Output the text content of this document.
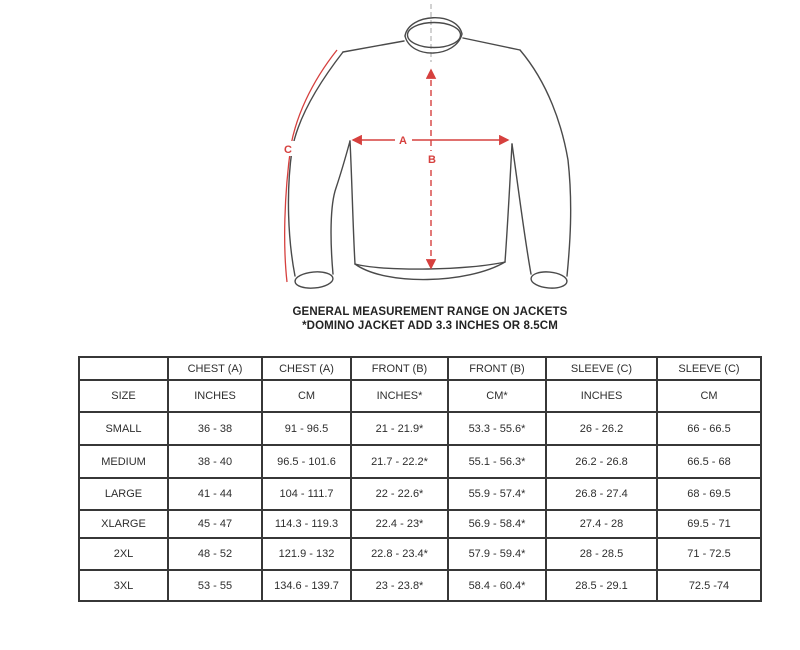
A
B
C
GENERAL MEASUREMENT RANGE ON JACKETS
*DOMINO JACKET ADD 3.3 INCHES OR 8.5CM
	CHEST (A)	CHEST (A)	FRONT (B)	FRONT (B)	SLEEVE (C)	SLEEVE (C)
SIZE	INCHES	CM	INCHES*	CM*	INCHES	CM
SMALL	36 - 38	91 - 96.5	21 - 21.9*	53.3 - 55.6*	26 - 26.2	66 - 66.5
MEDIUM	38 - 40	96.5 - 101.6	21.7 - 22.2*	55.1 - 56.3*	26.2 - 26.8	66.5 - 68
LARGE	41 - 44	104 - 111.7	22 - 22.6*	55.9 - 57.4*	26.8 - 27.4	68 - 69.5
XLARGE	45 - 47	114.3 - 119.3	22.4 - 23*	56.9 - 58.4*	27.4 - 28	69.5 - 71
2XL	48 - 52	121.9 - 132	22.8 - 23.4*	57.9 - 59.4*	28 - 28.5	71 - 72.5
3XL	53 - 55	134.6 - 139.7	23 - 23.8*	58.4 - 60.4*	28.5 - 29.1	72.5 -74
